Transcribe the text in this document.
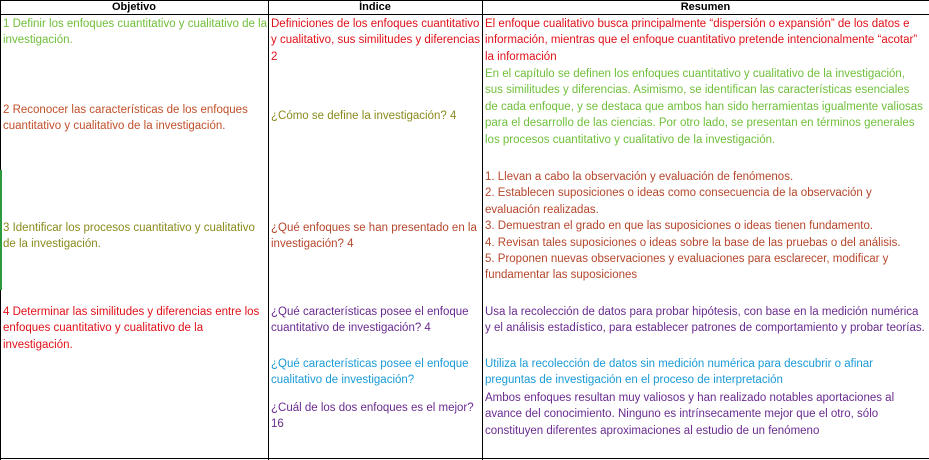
Objetivo	Índice	Resumen

1 Definir los enfoques cuantitativo y cualitativo de la investigación.

2 Reconocer las características de los enfoques cuantitativo y cualitativo de la investigación.

3 Identificar los procesos cuantitativo y cualitativo de la investigación.

4 Determinar las similitudes y diferencias entre los enfoques cuantitativo y cualitativo de la investigación.

Definiciones de los enfoques cuantitativo y cualitativo, sus similitudes y diferencias 2

¿Cómo se define la investigación? 4

¿Qué enfoques se han presentado en la investigación? 4

¿Qué características posee el enfoque cuantitativo de investigación? 4

¿Qué características posee el enfoque cualitativo de investigación?

¿Cuál de los dos enfoques es el mejor? 16

El enfoque cualitativo busca principalmente “dispersión o expansión” de los datos e información, mientras que el enfoque cuantitativo pretende intencionalmente “acotar” la información

En el capítulo se definen los enfoques cuantitativo y cualitativo de la investigación, sus similitudes y diferencias. Asimismo, se identifican las características esenciales de cada enfoque, y se destaca que ambos han sido herramientas igualmente valiosas para el desarrollo de las ciencias. Por otro lado, se presentan en términos generales los procesos cuantitativo y cualitativo de la investigación.

1. Llevan a cabo la observación y evaluación de fenómenos.
2. Establecen suposiciones o ideas como consecuencia de la observación y evaluación realizadas.
3. Demuestran el grado en que las suposiciones o ideas tienen fundamento.
4. Revisan tales suposiciones o ideas sobre la base de las pruebas o del análisis.
5. Proponen nuevas observaciones y evaluaciones para esclarecer, modificar y fundamentar las suposiciones

Usa la recolección de datos para probar hipótesis, con base en la medición numérica y el análisis estadístico, para establecer patrones de comportamiento y probar teorías.

Utiliza la recolección de datos sin medición numérica para descubrir o afinar preguntas de investigación en el proceso de interpretación

Ambos enfoques resultan muy valiosos y han realizado notables aportaciones al avance del conocimiento. Ninguno es intrínsecamente mejor que el otro, sólo constituyen diferentes aproximaciones al estudio de un fenómeno
